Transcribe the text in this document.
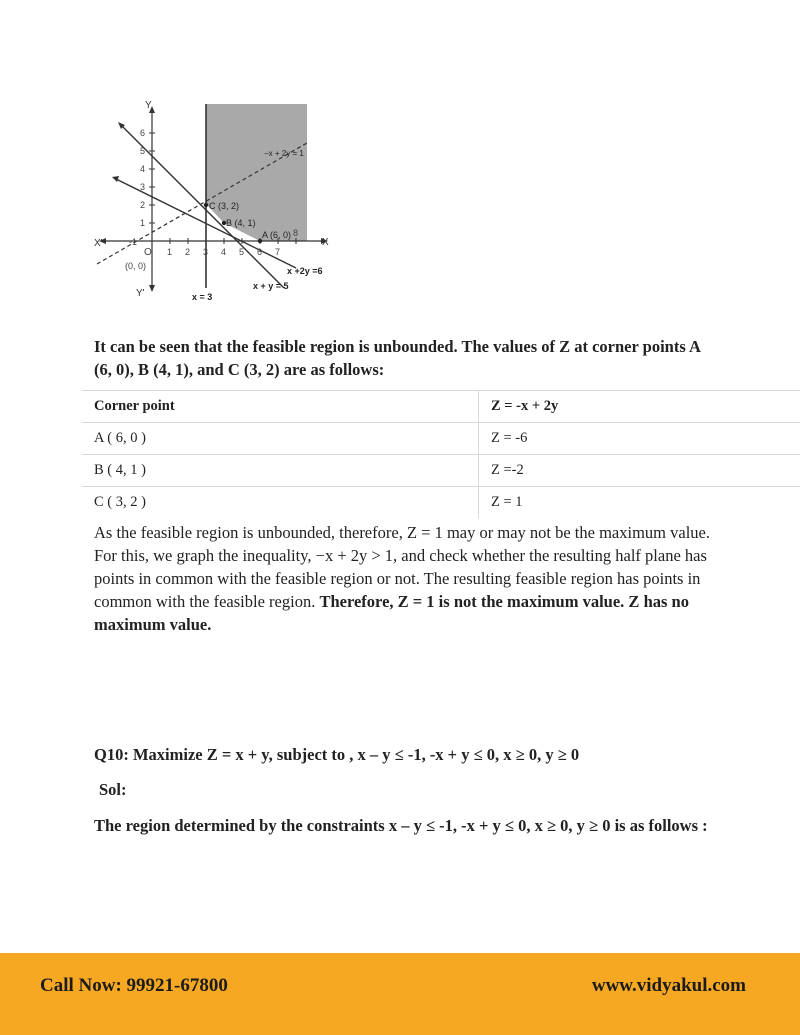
1 2 3 4 5 6 7
8
1
2
3
4
5
6
-1
O
(0, 0)
Y
Y'
X
X'
C (3, 2)
B (4, 1)
A (6, 0)
−x + 2y = 1
x +2y =6
x + y = 5
x = 3

It can be seen that the feasible region is unbounded. The values of Z at corner points A (6, 0), B (4, 1), and C (3, 2) are as follows:

Corner point	Z = -x + 2y
A ( 6, 0 )	Z = -6
B ( 4, 1 )	Z =-2
C ( 3, 2 )	Z = 1

As the feasible region is unbounded, therefore, Z = 1 may or may not be the maximum value. For this, we graph the inequality, −x + 2y > 1, and check whether the resulting half plane has points in common with the feasible region or not. The resulting feasible region has points in common with the feasible region. Therefore, Z = 1 is not the maximum value. Z has no maximum value.

Q10: Maximize Z = x + y, subject to , x – y ≤ -1, -x + y ≤ 0, x ≥ 0, y ≥ 0

Sol:

The region determined by the constraints x – y ≤ -1, -x + y ≤ 0, x ≥ 0, y ≥ 0 is as follows :

Call Now: 99921-67800	www.vidyakul.com
